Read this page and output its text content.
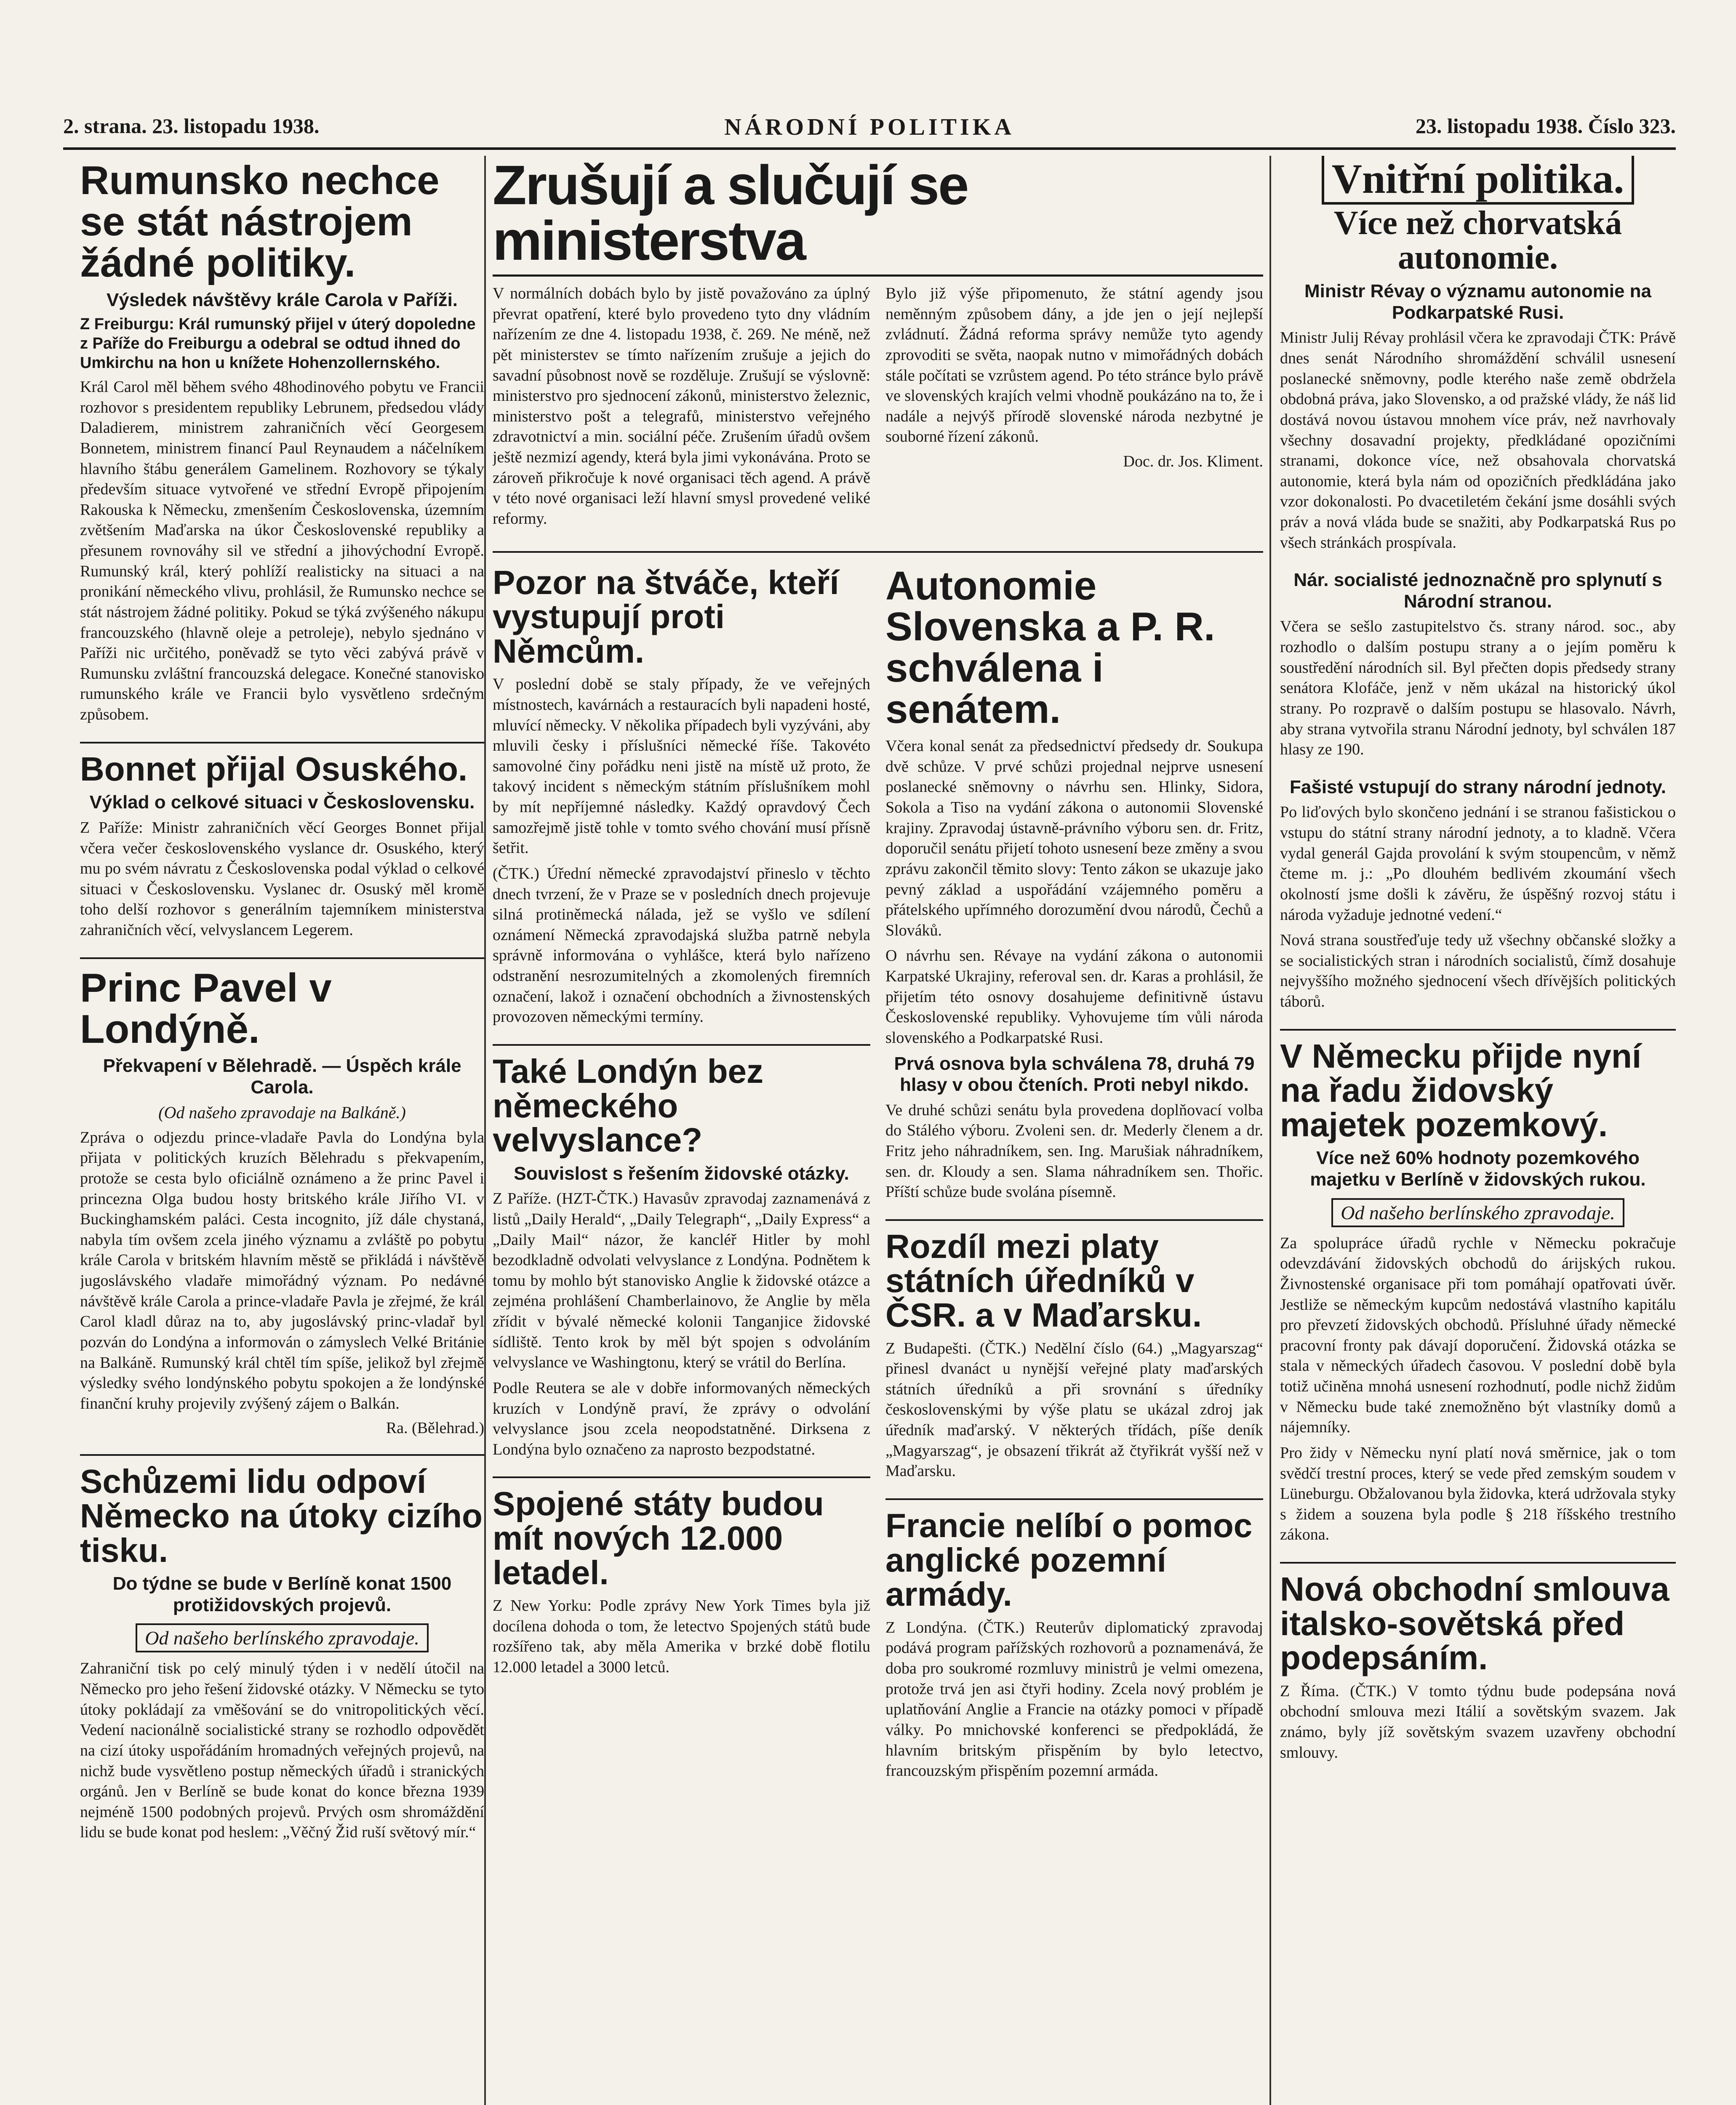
2. strana. 23. listopadu 1938.	NÁRODNÍ POLITIKA	23. listopadu 1938. Číslo 323.
Rumunsko nechce se stát nástrojem žádné politiky.
Výsledek návštěvy krále Carola v Paříži.
Z Freiburgu: Král rumunský přijel v úterý dopoledne z Paříže do Freiburgu a odebral se odtud ihned do Umkirchu na hon u knížete Hohenzollernského.

Král Carol měl během svého 48hodinového pobytu ve Francii rozhovor s presidentem republiky Lebrunem, předsedou vlády Daladierem, ministrem zahraničních věcí Georgesem Bonnetem, ministrem financí Paul Reynaudem a náčelníkem hlavního štábu generálem Gamelinem. Rozhovory se týkaly především situace vytvořené ve střední Evropě připojením Rakouska k Německu, zmenšením Československa, územním zvětšením Maďarska na úkor Československé republiky a přesunem rovnováhy sil ve střední a jihovýchodní Evropě. Rumunský král, který pohlíží realisticky na situaci a na pronikání německého vlivu, prohlásil, že Rumunsko nechce se stát nástrojem žádné politiky. Pokud se týká zvýšeného nákupu francouzského (hlavně oleje a petroleje), nebylo sjednáno v Paříži nic určitého, poněvadž se tyto věci zabývá právě v Rumunsku zvláštní francouzská delegace. Konečné stanovisko rumunského krále ve Francii bylo vysvětleno srdečným způsobem.

Bonnet přijal Osuského.
Výklad o celkové situaci v Československu.

Z Paříže: Ministr zahraničních věcí Georges Bonnet přijal včera večer československého vyslance dr. Osuského, který mu po svém návratu z Československa podal výklad o celkové situaci v Československu. Vyslanec dr. Osuský měl kromě toho delší rozhovor s generálním tajemníkem ministerstva zahraničních věcí, velvyslancem Legerem.

Princ Pavel v Londýně.
Překvapení v Bělehradě. — Úspěch krále Carola.
(Od našeho zpravodaje na Balkáně.)

Zpráva o odjezdu prince-vladaře Pavla do Londýna byla přijata v politických kruzích Bělehradu s překvapením, protože se cesta bylo oficiálně oznámeno a že princ Pavel i princezna Olga budou hosty britského krále Jiřího VI. v Buckinghamském paláci. Cesta incognito, jíž dále chystaná, nabyla tím ovšem zcela jiného významu a zvláště po pobytu krále Carola v britském hlavním městě se přikládá i návštěvě jugoslávského vladaře mimořádný význam. Po nedávné návštěvě krále Carola a prince-vladaře Pavla je zřejmé, že král Carol kladl důraz na to, aby jugoslávský princ-vladař byl pozván do Londýna a informován o zámyslech Velké Británie na Balkáně. Rumunský král chtěl tím spíše, jelikož byl zřejmě výsledky svého londýnského pobytu spokojen a že londýnské finanční kruhy projevily zvýšený zájem o Balkán.

Ra. (Bělehrad.)
Schůzemi lidu odpoví Německo na útoky cizího tisku.
Do týdne se bude v Berlíně konat 1500 protižidovských projevů.
Od našeho berlínského zpravodaje.

Zahraniční tisk po celý minulý týden i v nedělí útočil na Německo pro jeho řešení židovské otázky. V Německu se tyto útoky pokládají za vměšování se do vnitropolitických věcí. Vedení nacionálně socialistické strany se rozhodlo odpovědět na cizí útoky uspořádáním hromadných veřejných projevů, na nichž bude vysvětleno postup německých úřadů i stranických orgánů. Jen v Berlíně se bude konat do konce března 1939 nejméně 1500 podobných projevů. Prvých osm shromáždění lidu se bude konat pod heslem: „Věčný Žid ruší světový mír.“

Zrušují a slučují se ministerstva

V normálních dobách bylo by jistě považováno za úplný převrat opatření, které bylo provedeno tyto dny vládním nařízením ze dne 4. listopadu 1938, č. 269. Ne méně, než pět ministerstev se tímto nařízením zrušuje a jejich do savadní působnost nově se rozděluje. Zrušují se výslovně: ministerstvo pro sjednocení zákonů, ministerstvo železnic, ministerstvo pošt a telegrafů, ministerstvo veřejného zdravotnictví a min. sociální péče. Zrušením úřadů ovšem ještě nezmizí agendy, která byla jimi vykonávána. Proto se zároveň přikročuje k nové organisaci těch agend. A právě v této nové organisaci leží hlavní smysl provedené veliké reformy.

Bylo již výše připomenuto, že státní agendy jsou neměnným způsobem dány, a jde jen o její nejlepší zvládnutí. Žádná reforma správy nemůže tyto agendy zprovoditi se světa, naopak nutno v mimořádných dobách stále počítati se vzrůstem agend. Po této stránce bylo právě ve slovenských krajích velmi vhodně poukázáno na to, že i nadále a nejvýš přírodě slovenské národa nezbytné je souborné řízení zákonů.

Doc. dr. Jos. Kliment.
Pozor na štváče, kteří vystupují proti Němcům.

V poslední době se staly případy, že ve veřejných místnostech, kavárnách a restauracích byli napadeni hosté, mluvící německy. V několika případech byli vyzýváni, aby mluvili česky i příslušníci německé říše. Takovéto samovolné činy pořádku neni jistě na místě už proto, že takový incident s německým státním příslušníkem mohl by mít nepříjemné následky. Každý opravdový Čech samozřejmě jistě tohle v tomto svého chování musí přísně šetřit.

(ČTK.) Úřední německé zpravodajství přineslo v těchto dnech tvrzení, že v Praze se v posledních dnech projevuje silná protiněmecká nálada, jež se vyšlo ve sdílení oznámení Německá zpravodajská služba patrně nebyla správně informována o vyhlášce, která bylo nařízeno odstranění nesrozumitelných a zkomolených firemních označení, lakož i označení obchodních a živnostenských provozoven německými termíny.

Také Londýn bez německého velvyslance?
Souvislost s řešením židovské otázky.

Z Paříže. (HZT-ČTK.) Havasův zpravodaj zaznamenává z listů „Daily Herald“, „Daily Telegraph“, „Daily Express“ a „Daily Mail“ názor, že kancléř Hitler by mohl bezodkladně odvolati velvyslance z Londýna. Podnětem k tomu by mohlo být stanovisko Anglie k židovské otázce a zejména prohlášení Chamberlainovo, že Anglie by měla zřídit v bývalé německé kolonii Tanganjice židovské sídliště. Tento krok by měl být spojen s odvoláním velvyslance ve Washingtonu, který se vrátil do Berlína.

Podle Reutera se ale v dobře informovaných německých kruzích v Londýně praví, že zprávy o odvolání velvyslance jsou zcela neopodstatněné. Dirksena z Londýna bylo označeno za naprosto bezpodstatné.

Spojené státy budou mít nových 12.000 letadel.

Z New Yorku: Podle zprávy New York Times byla již docílena dohoda o tom, že letectvo Spojených států bude rozšířeno tak, aby měla Amerika v brzké době flotilu 12.000 letadel a 3000 letců.

Autonomie Slovenska a P. R. schválena i senátem.

Včera konal senát za předsednictví předsedy dr. Soukupa dvě schůze. V prvé schůzi projednal nejprve usnesení poslanecké sněmovny o návrhu sen. Hlinky, Sidora, Sokola a Tiso na vydání zákona o autonomii Slovenské krajiny. Zpravodaj ústavně-právního výboru sen. dr. Fritz, doporučil senátu přijetí tohoto usnesení beze změny a svou zprávu zakončil těmito slovy: Tento zákon se ukazuje jako pevný základ a uspořádání vzájemného poměru a přátelského upřímného dorozumění dvou národů, Čechů a Slováků.

O návrhu sen. Révaye na vydání zákona o autonomii Karpatské Ukrajiny, referoval sen. dr. Karas a prohlásil, že přijetím této osnovy dosahujeme definitivně ústavu Československé republiky. Vyhovujeme tím vůli národa slovenského a Podkarpatské Rusi.

Prvá osnova byla schválena 78, druhá 79 hlasy v obou čteních. Proti nebyl nikdo.

Ve druhé schůzi senátu byla provedena doplňovací volba do Stálého výboru. Zvoleni sen. dr. Mederly členem a dr. Fritz jeho náhradníkem, sen. Ing. Marušiak náhradníkem, sen. dr. Kloudy a sen. Slama náhradníkem sen. Thořic. Příští schůze bude svolána písemně.

Rozdíl mezi platy státních úředníků v ČSR. a v Maďarsku.

Z Budapešti. (ČTK.) Nedělní číslo (64.) „Magyarszag“ přinesl dvanáct u nynější veřejné platy maďarských státních úředníků a při srovnání s úředníky československými by výše platu se ukázal zdroj jak úředník maďarský. V některých třídách, píše deník „Magyarszag“, je obsazení třikrát až čtyřikrát vyšší než v Maďarsku.

Francie nelíbí o pomoc anglické pozemní armády.

Z Londýna. (ČTK.) Reuterův diplomatický zpravodaj podává program pařížských rozhovorů a poznamenává, že doba pro soukromé rozmluvy ministrů je velmi omezena, protože trvá jen asi čtyři hodiny. Zcela nový problém je uplatňování Anglie a Francie na otázky pomoci v případě války. Po mnichovské konferenci se předpokládá, že hlavním britským přispěním by bylo letectvo, francouzským přispěním pozemní armáda.

Vnitřní politika.
Více než chorvatská autonomie.
Ministr Révay o významu autonomie na Podkarpatské Rusi.

Ministr Julij Révay prohlásil včera ke zpravodaji ČTK: Právě dnes senát Národního shromáždění schválil usnesení poslanecké sněmovny, podle kterého naše země obdržela obdobná práva, jako Slovensko, a od pražské vlády, že náš lid dostává novou ústavou mnohem více práv, než navrhovaly všechny dosavadní projekty, předkládané opozičními stranami, dokonce více, než obsahovala chorvatská autonomie, která byla nám od opozičních předkládána jako vzor dokonalosti. Po dvacetiletém čekání jsme dosáhli svých práv a nová vláda bude se snažiti, aby Podkarpatská Rus po všech stránkách prospívala.

Nár. socialisté jednoznačně pro splynutí s Národní stranou.

Včera se sešlo zastupitelstvo čs. strany národ. soc., aby rozhodlo o dalším postupu strany a o jejím poměru k soustředění národních sil. Byl přečten dopis předsedy strany senátora Klofáče, jenž v něm ukázal na historický úkol strany. Po rozpravě o dalším postupu se hlasovalo. Návrh, aby strana vytvořila stranu Národní jednoty, byl schválen 187 hlasy ze 190.

Fašisté vstupují do strany národní jednoty.

Po liďových bylo skončeno jednání i se stranou fašistickou o vstupu do státní strany národní jednoty, a to kladně. Včera vydal generál Gajda provolání k svým stoupencům, v němž čteme m. j.: „Po dlouhém bedlivém zkoumání všech okolností jsme došli k závěru, že úspěšný rozvoj státu i národa vyžaduje jednotné vedení.“

Nová strana soustřeďuje tedy už všechny občanské složky a se socialistických stran i národních socialistů, čímž dosahuje nejvyššího možného sjednocení všech dřívějších politických táborů.

V Německu přijde nyní na řadu židovský majetek pozemkový.
Více než 60% hodnoty pozemkového majetku v Berlíně v židovských rukou.
Od našeho berlínského zpravodaje.

Za spolupráce úřadů rychle v Německu pokračuje odevzdávání židovských obchodů do árijských rukou. Živnostenské organisace při tom pomáhají opatřovati úvěr. Jestliže se německým kupcům nedostává vlastního kapitálu pro převzetí židovských obchodů. Přísluhné úřady německé pracovní fronty pak dávají doporučení. Židovská otázka se stala v německých úřadech časovou. V poslední době byla totiž učiněna mnohá usnesení rozhodnutí, podle nichž židům v Německu bude také znemožněno být vlastníky domů a nájemníky.

Pro židy v Německu nyní platí nová směrnice, jak o tom svědčí trestní proces, který se vede před zemským soudem v Lüneburgu. Obžalovanou byla židovka, která udržovala styky s židem a souzena byla podle § 218 říšského trestního zákona.

Nová obchodní smlouva italsko-sovětská před podepsáním.

Z Říma. (ČTK.) V tomto týdnu bude podepsána nová obchodní smlouva mezi Itálií a sovětským svazem. Jak známo, byly jíž sovětským svazem uzavřeny obchodní smlouvy.
